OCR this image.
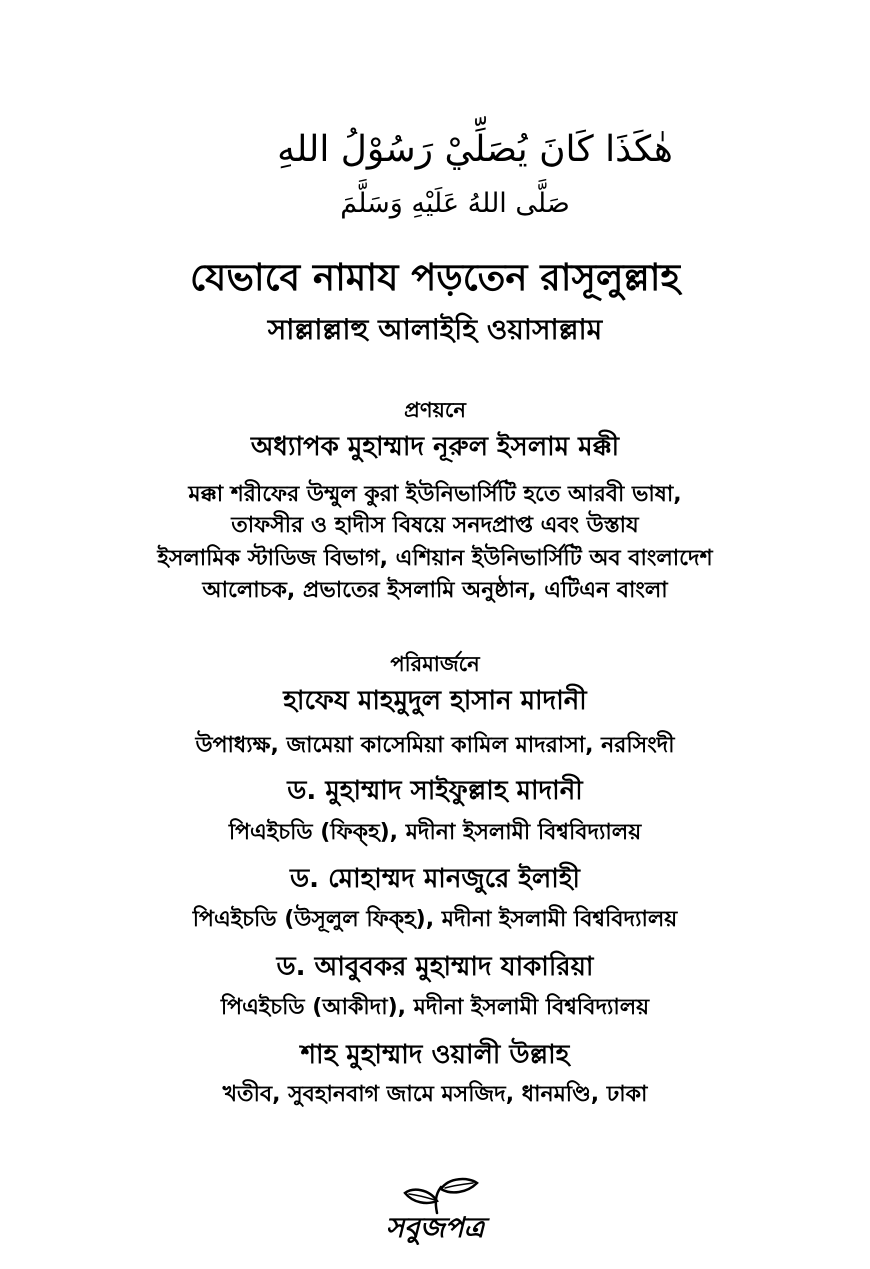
هٰكَذَا كَانَ يُصَلِّيْ رَسُوْلُ اللهِ
صَلَّى اللهُ عَلَيْهِ وَسَلَّمَ
যেভাবে নামায পড়তেন রাসূলুল্লাহ
সাল্লাল্লাহু আলাইহি ওয়াসাল্লাম
প্রণয়নে
অধ্যাপক মুহাম্মাদ নূরুল ইসলাম মক্কী
মক্কা শরীফের উম্মুল কুরা ইউনিভার্সিটি হতে আরবী ভাষা,
তাফসীর ও হাদীস বিষয়ে সনদপ্রাপ্ত এবং উস্তায
ইসলামিক স্টাডিজ বিভাগ, এশিয়ান ইউনিভার্সিটি অব বাংলাদেশ
আলোচক, প্রভাতের ইসলামি অনুষ্ঠান, এটিএন বাংলা
পরিমার্জনে
হাফেয মাহমুদুল হাসান মাদানী
উপাধ্যক্ষ, জামেয়া কাসেমিয়া কামিল মাদরাসা, নরসিংদী
ড. মুহাম্মাদ সাইফুল্লাহ মাদানী
পিএইচডি (ফিক্‌হ), মদীনা ইসলামী বিশ্ববিদ্যালয়
ড. মোহাম্মদ মানজুরে ইলাহী
পিএইচডি (উসূলুল ফিক্‌হ), মদীনা ইসলামী বিশ্ববিদ্যালয়
ড. আবুবকর মুহাম্মাদ যাকারিয়া
পিএইচডি (আকীদা), মদীনা ইসলামী বিশ্ববিদ্যালয়
শাহ মুহাম্মাদ ওয়ালী উল্লাহ
খতীব, সুবহানবাগ জামে মসজিদ, ধানমণ্ডি, ঢাকা
সবুজপত্র
